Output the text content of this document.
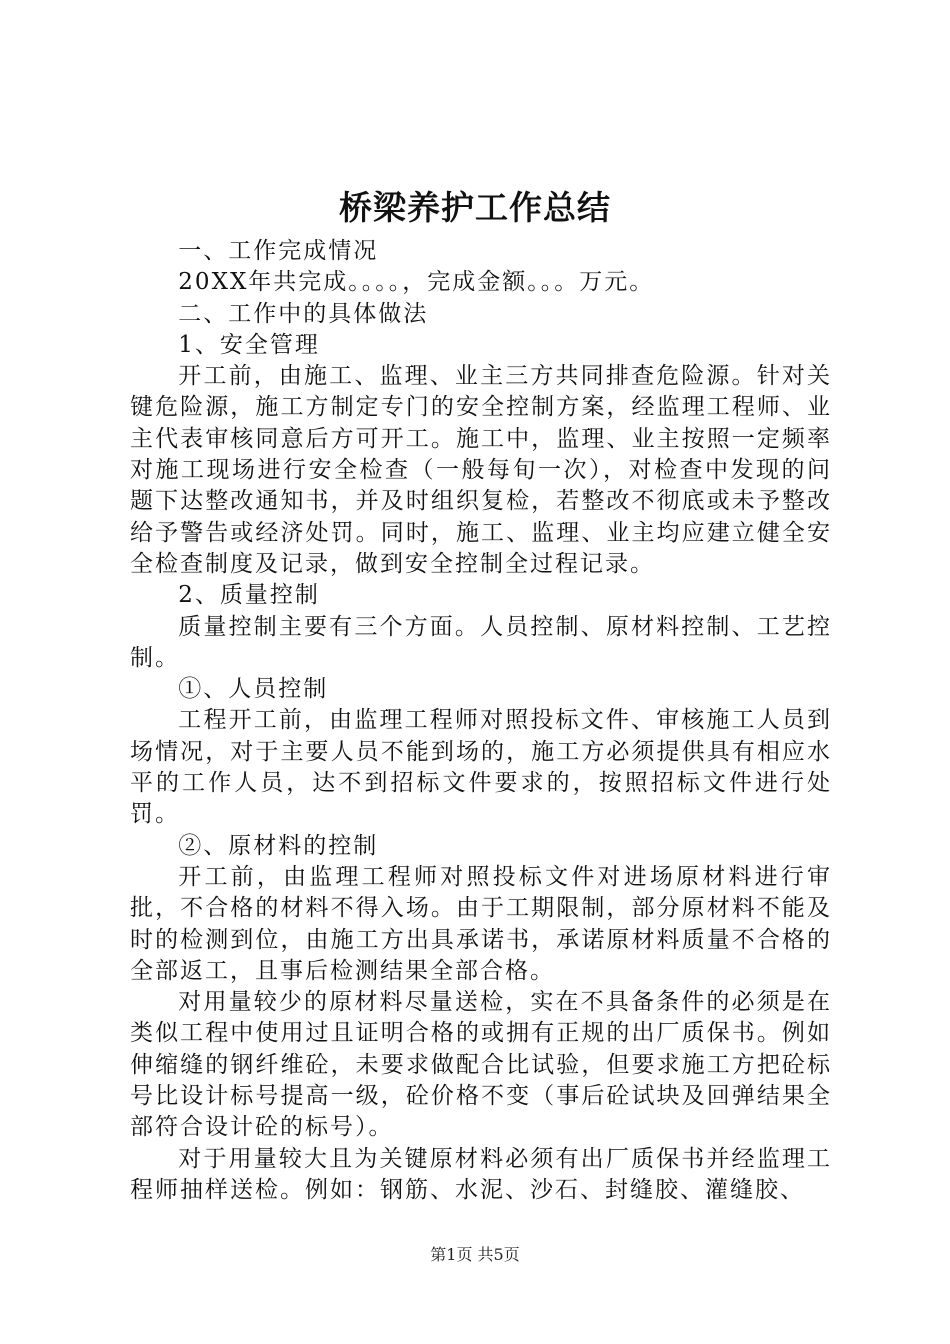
桥梁养护工作总结

一、工作完成情况

20XX年共完成。。。。，完成金额。。。万元。

二、工作中的具体做法

1、安全管理

开工前，由施工、监理、业主三方共同排查危险源。针对关键危险源，施工方制定专门的安全控制方案，经监理工程师、业主代表审核同意后方可开工。施工中，监理、业主按照一定频率对施工现场进行安全检查（一般每旬一次），对检查中发现的问题下达整改通知书，并及时组织复检，若整改不彻底或未予整改给予警告或经济处罚。同时，施工、监理、业主均应建立健全安全检查制度及记录，做到安全控制全过程记录。

2、质量控制

质量控制主要有三个方面。人员控制、原材料控制、工艺控制。

①、人员控制

工程开工前，由监理工程师对照投标文件、审核施工人员到场情况，对于主要人员不能到场的，施工方必须提供具有相应水平的工作人员，达不到招标文件要求的，按照招标文件进行处罚。

②、原材料的控制

开工前，由监理工程师对照投标文件对进场原材料进行审批，不合格的材料不得入场。由于工期限制，部分原材料不能及时的检测到位，由施工方出具承诺书，承诺原材料质量不合格的全部返工，且事后检测结果全部合格。

对用量较少的原材料尽量送检，实在不具备条件的必须是在类似工程中使用过且证明合格的或拥有正规的出厂质保书。例如伸缩缝的钢纤维砼，未要求做配合比试验，但要求施工方把砼标号比设计标号提高一级，砼价格不变（事后砼试块及回弹结果全部符合设计砼的标号）。

对于用量较大且为关键原材料必须有出厂质保书并经监理工程师抽样送检。例如：钢筋、水泥、沙石、封缝胶、灌缝胶、

第1页 共5页
